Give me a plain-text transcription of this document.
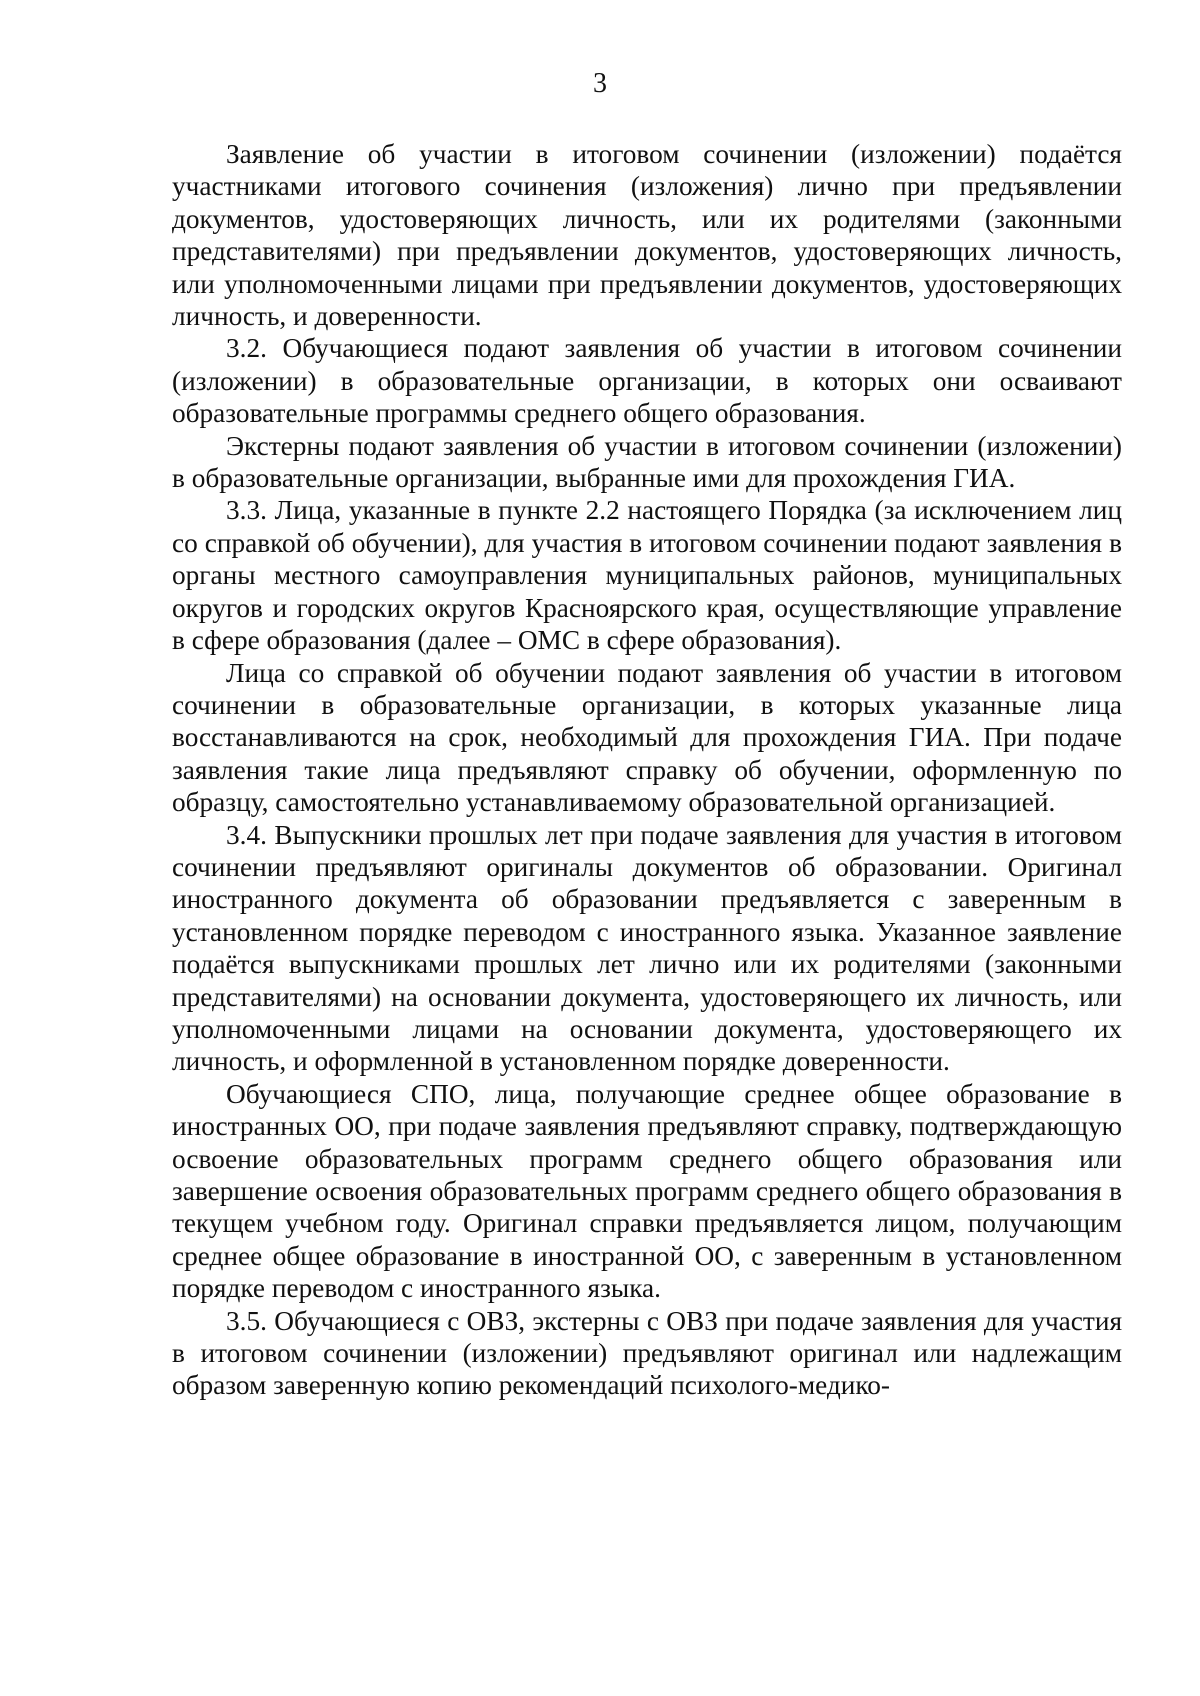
3

Заявление об участии в итоговом сочинении (изложении) подаётся участниками итогового сочинения (изложения) лично при предъявлении документов, удостоверяющих личность, или их родителями (законными представителями) при предъявлении документов, удостоверяющих личность, или уполномоченными лицами при предъявлении документов, удостоверяющих личность, и доверенности.

3.2. Обучающиеся подают заявления об участии в итоговом сочинении (изложении) в образовательные организации, в которых они осваивают образовательные программы среднего общего образования.

Экстерны подают заявления об участии в итоговом сочинении (изложении) в образовательные организации, выбранные ими для прохождения ГИА.

3.3. Лица, указанные в пункте 2.2 настоящего Порядка (за исключением лиц со справкой об обучении), для участия в итоговом сочинении подают заявления в органы местного самоуправления муниципальных районов, муниципальных округов и городских округов Красноярского края, осуществляющие управление в сфере образования (далее – ОМС в сфере образования).

Лица со справкой об обучении подают заявления об участии в итоговом сочинении в образовательные организации, в которых указанные лица восстанавливаются на срок, необходимый для прохождения ГИА. При подаче заявления такие лица предъявляют справку об обучении, оформленную по образцу, самостоятельно устанавливаемому образовательной организацией.

3.4. Выпускники прошлых лет при подаче заявления для участия в итоговом сочинении предъявляют оригиналы документов об образовании. Оригинал иностранного документа об образовании предъявляется с заверенным в установленном порядке переводом с иностранного языка. Указанное заявление подаётся выпускниками прошлых лет лично или их родителями (законными представителями) на основании документа, удостоверяющего их личность, или уполномоченными лицами на основании документа, удостоверяющего их личность, и оформленной в установленном порядке доверенности.

Обучающиеся СПО, лица, получающие среднее общее образование в иностранных ОО, при подаче заявления предъявляют справку, подтверждающую освоение образовательных программ среднего общего образования или завершение освоения образовательных программ среднего общего образования в текущем учебном году. Оригинал справки предъявляется лицом, получающим среднее общее образование в иностранной ОО, с заверенным в установленном порядке переводом с иностранного языка.

3.5. Обучающиеся с ОВЗ, экстерны с ОВЗ при подаче заявления для участия в итоговом сочинении (изложении) предъявляют оригинал или надлежащим образом заверенную копию рекомендаций психолого-медико-
